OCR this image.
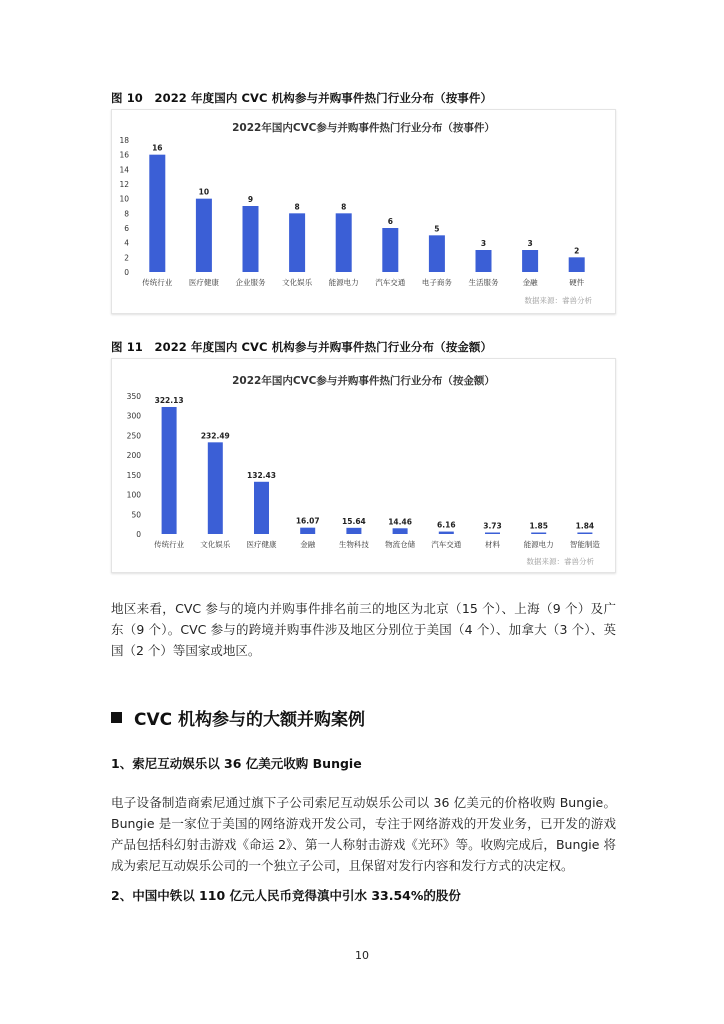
图 10　2022 年度国内 CVC 机构参与并购事件热门行业分布（按事件）
2022年国内CVC参与并购事件热门行业分布（按事件）
0
2
4
6
8
10
12
14
16
18
16
传统行业
10
医疗健康
9
企业服务
8
文化娱乐
8
能源电力
6
汽车交通
5
电子商务
3
生活服务
3
金融
2
硬件
数据来源：睿兽分析
图 11　2022 年度国内 CVC 机构参与并购事件热门行业分布（按金额）
2022年国内CVC参与并购事件热门行业分布（按金额）
0
50
100
150
200
250
300
350 322.13
传统行业
232.49
文化娱乐
132.43
医疗健康
16.07
金融
15.64
生物科技
14.46
物流仓储
6.16
汽车交通
3.73
材料
1.85
能源电力
1.84
智能制造
数据来源：睿兽分析
地区来看，CVC 参与的境内并购事件排名前三的地区为北京（15 个）、上海（9 个）及广东（9 个）。CVC 参与的跨境并购事件涉及地区分别位于美国（4 个）、加拿大（3 个）、英国（2 个）等国家或地区。
CVC 机构参与的大额并购案例
1、索尼互动娱乐以 36 亿美元收购 Bungie
电子设备制造商索尼通过旗下子公司索尼互动娱乐公司以 36 亿美元的价格收购 Bungie。Bungie 是一家位于美国的网络游戏开发公司，专注于网络游戏的开发业务，已开发的游戏产品包括科幻射击游戏《命运 2》、第一人称射击游戏《光环》等。收购完成后，Bungie 将成为索尼互动娱乐公司的一个独立子公司，且保留对发行内容和发行方式的决定权。
2、中国中铁以 110 亿元人民币竞得滇中引水 33.54%的股份
10
